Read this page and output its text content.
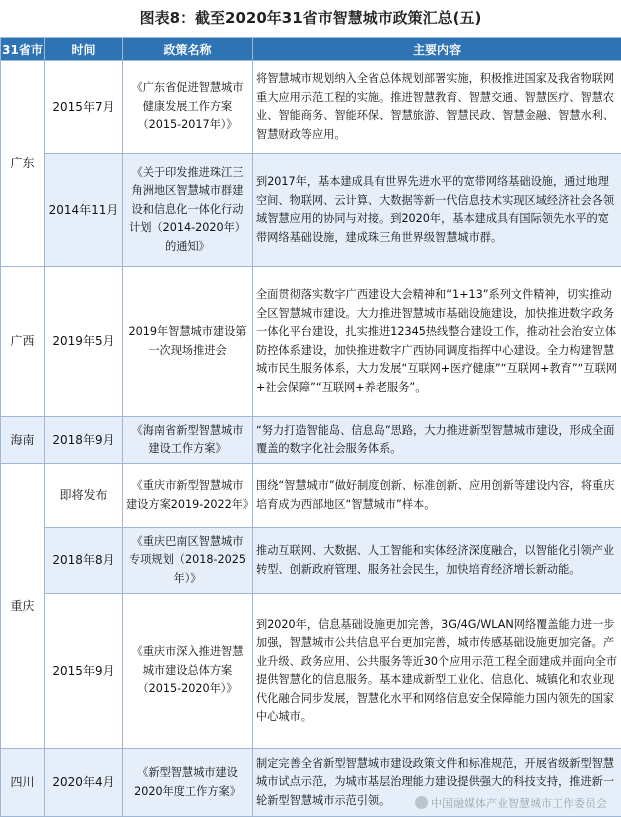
图表8：截至2020年31省市智慧城市政策汇总(五)
31省市	时间	政策名称	主要内容
广东	2015年7月	《广东省促进智慧城市健康发展工作方案（2015-2017年）》	将智慧城市规划纳入全省总体规划部署实施，积极推进国家及我省物联网重大应用示范工程的实施。推进智慧教育、智慧交通、智慧医疗、智慧农业、智能商务、智能环保、智慧旅游、智慧民政、智慧金融、智慧水利、智慧财政等应用。
	2014年11月	《关于印发推进珠江三角洲地区智慧城市群建设和信息化一体化行动计划（2014-2020年）的通知》	到2017年，基本建成具有世界先进水平的宽带网络基础设施，通过地理空间、物联网、云计算、大数据等新一代信息技术实现区域经济社会各领域智慧应用的协同与对接。到2020年，基本建成具有国际领先水平的宽带网络基础设施，建成珠三角世界级智慧城市群。
广西	2019年5月	2019年智慧城市建设第一次现场推进会	全面贯彻落实数字广西建设大会精神和“1+13”系列文件精神，切实推动全区智慧城市建设。大力推进智慧城市基础设施建设，加快推进数字政务一体化平台建设，扎实推进12345热线整合建设工作，推动社会治安立体防控体系建设，加快推进数字广西协同调度指挥中心建设。全力构建智慧城市民生服务体系，大力发展“互联网+医疗健康”“互联网+教育”“互联网+社会保障”“互联网+养老服务”。
海南	2018年9月	《海南省新型智慧城市建设工作方案》	“努力打造智能岛、信息岛”思路，大力推进新型智慧城市建设，形成全面覆盖的数字化社会服务体系。
重庆	即将发布	《重庆市新型智慧城市建设方案2019-2022年》	围绕“智慧城市”做好制度创新、标准创新、应用创新等建设内容，将重庆培育成为西部地区“智慧城市”样本。
	2018年8月	《重庆巴南区智慧城市专项规划（2018-2025年）》	推动互联网、大数据、人工智能和实体经济深度融合，以智能化引领产业转型、创新政府管理、服务社会民生，加快培育经济增长新动能。
	2015年9月	《重庆市深入推进智慧城市建设总体方案（2015-2020年）》	到2020年，信息基础设施更加完善，3G/4G/WLAN网络覆盖能力进一步加强，智慧城市公共信息平台更加完善，城市传感基础设施更加完备。产业升级、政务应用、公共服务等近30个应用示范工程全面建成并面向全市提供智慧化的信息服务。基本建成新型工业化、信息化、城镇化和农业现代化融合同步发展，智慧化水平和网络信息安全保障能力国内领先的国家中心城市。
四川	2020年4月	《新型智慧城市建设2020年度工作方案》	制定完善全省新型智慧城市建设政策文件和标准规范，开展省级新型智慧城市试点示范，为城市基层治理能力建设提供强大的科技支持，推进新一轮新型智慧城市示范引领。	中国融媒体产业智慧城市工作委员会
